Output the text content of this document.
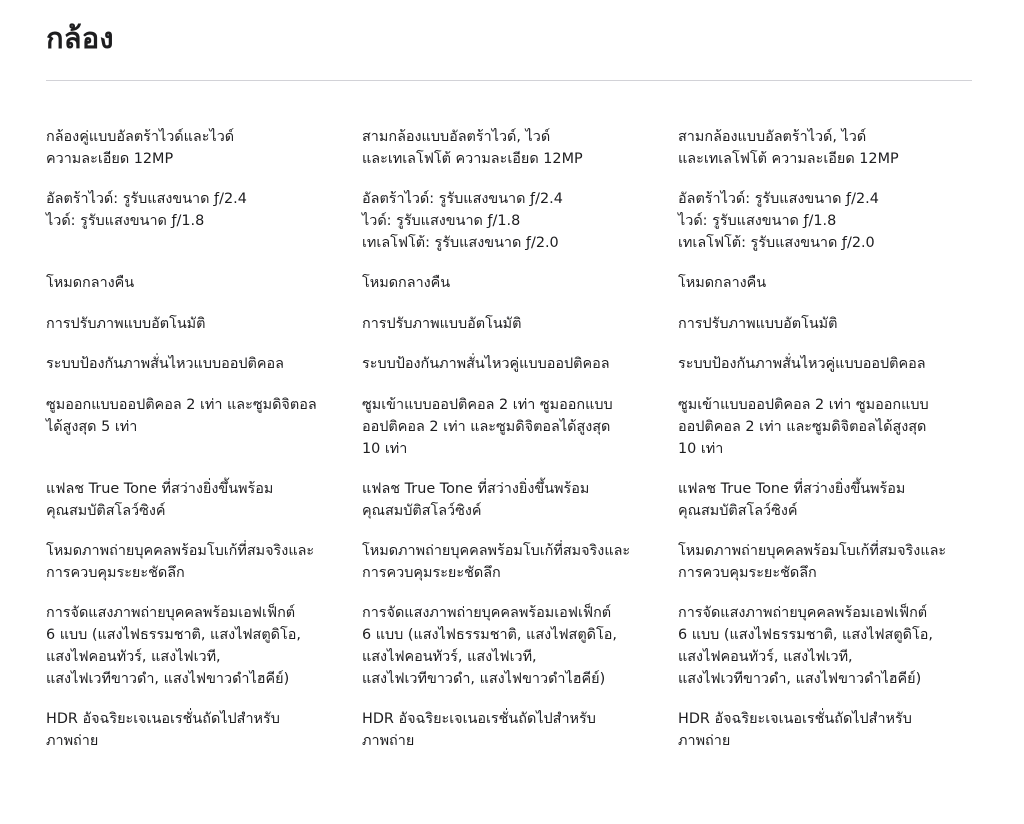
กล้อง
กล้องคู่แบบอัลตร้าไวด์และไวด์
ความละเอียด 12MP
อัลตร้าไวด์: รูรับแสงขนาด ƒ/2.4
ไวด์: รูรับแสงขนาด ƒ/1.8
โหมดกลางคืน
การปรับภาพแบบอัตโนมัติ
ระบบป้องกันภาพสั่นไหวแบบออปติคอล
ซูมออกแบบออปติคอล 2 เท่า และซูมดิจิตอล
ได้สูงสุด 5 เท่า
แฟลช True Tone ที่สว่างยิ่งขึ้นพร้อม
คุณสมบัติสโลว์ซิงค์
โหมดภาพถ่ายบุคคลพร้อมโบเก้ที่สมจริงและ
การควบคุมระยะชัดลึก
การจัดแสงภาพถ่ายบุคคลพร้อมเอฟเฟ็กต์
6 แบบ (แสงไฟธรรมชาติ, แสงไฟสตูดิโอ,
แสงไฟคอนทัวร์, แสงไฟเวที,
แสงไฟเวทีขาวดำ, แสงไฟขาวดำไฮคีย์)
HDR อัจฉริยะเจเนอเรชั่นถัดไปสำหรับ
ภาพถ่าย
สามกล้องแบบอัลตร้าไวด์, ไวด์
และเทเลโฟโต้ ความละเอียด 12MP
อัลตร้าไวด์: รูรับแสงขนาด ƒ/2.4
ไวด์: รูรับแสงขนาด ƒ/1.8
เทเลโฟโต้: รูรับแสงขนาด ƒ/2.0
โหมดกลางคืน
การปรับภาพแบบอัตโนมัติ
ระบบป้องกันภาพสั่นไหวคู่แบบออปติคอล
ซูมเข้าแบบออปติคอล 2 เท่า ซูมออกแบบ
ออปติคอล 2 เท่า และซูมดิจิตอลได้สูงสุด
10 เท่า
แฟลช True Tone ที่สว่างยิ่งขึ้นพร้อม
คุณสมบัติสโลว์ซิงค์
โหมดภาพถ่ายบุคคลพร้อมโบเก้ที่สมจริงและ
การควบคุมระยะชัดลึก
การจัดแสงภาพถ่ายบุคคลพร้อมเอฟเฟ็กต์
6 แบบ (แสงไฟธรรมชาติ, แสงไฟสตูดิโอ,
แสงไฟคอนทัวร์, แสงไฟเวที,
แสงไฟเวทีขาวดำ, แสงไฟขาวดำไฮคีย์)
HDR อัจฉริยะเจเนอเรชั่นถัดไปสำหรับ
ภาพถ่าย
สามกล้องแบบอัลตร้าไวด์, ไวด์
และเทเลโฟโต้ ความละเอียด 12MP
อัลตร้าไวด์: รูรับแสงขนาด ƒ/2.4
ไวด์: รูรับแสงขนาด ƒ/1.8
เทเลโฟโต้: รูรับแสงขนาด ƒ/2.0
โหมดกลางคืน
การปรับภาพแบบอัตโนมัติ
ระบบป้องกันภาพสั่นไหวคู่แบบออปติคอล
ซูมเข้าแบบออปติคอล 2 เท่า ซูมออกแบบ
ออปติคอล 2 เท่า และซูมดิจิตอลได้สูงสุด
10 เท่า
แฟลช True Tone ที่สว่างยิ่งขึ้นพร้อม
คุณสมบัติสโลว์ซิงค์
โหมดภาพถ่ายบุคคลพร้อมโบเก้ที่สมจริงและ
การควบคุมระยะชัดลึก
การจัดแสงภาพถ่ายบุคคลพร้อมเอฟเฟ็กต์
6 แบบ (แสงไฟธรรมชาติ, แสงไฟสตูดิโอ,
แสงไฟคอนทัวร์, แสงไฟเวที,
แสงไฟเวทีขาวดำ, แสงไฟขาวดำไฮคีย์)
HDR อัจฉริยะเจเนอเรชั่นถัดไปสำหรับ
ภาพถ่าย
